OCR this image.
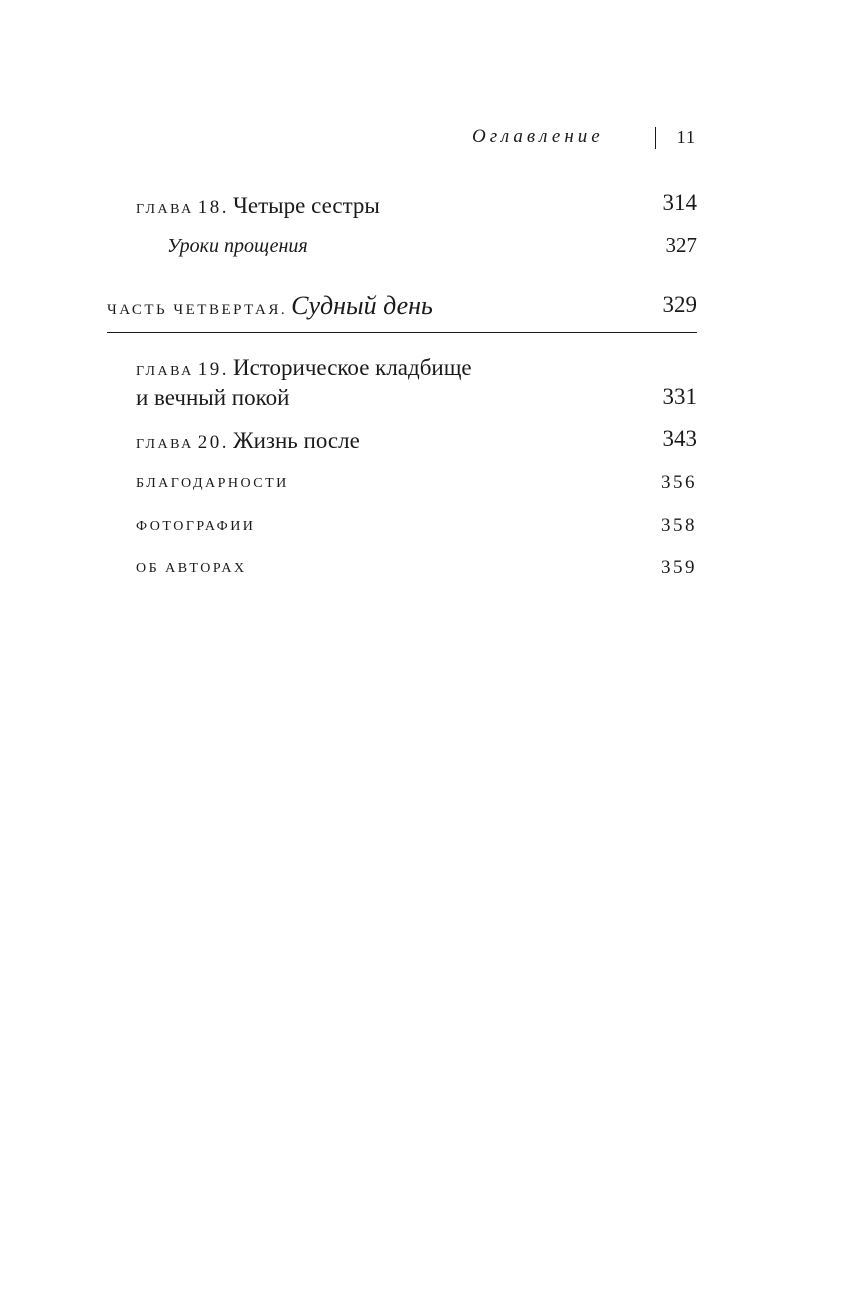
Оглавление	11
ГЛАВА 18. Четыре сестры	314
Уроки прощения	327
ЧАСТЬ ЧЕТВЕРТАЯ. Судный день	329
ГЛАВА 19. Историческое кладбище
и вечный покой	331
ГЛАВА 20. Жизнь после	343
БЛАГОДАРНОСТИ	356
ФОТОГРАФИИ	358
ОБ АВТОРАХ	359
